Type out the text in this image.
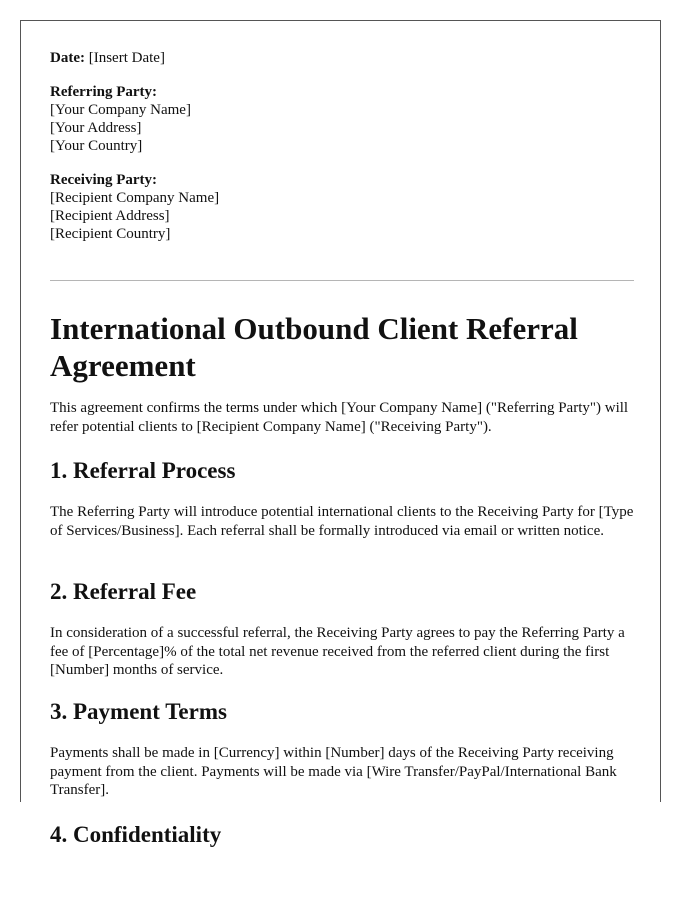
Date: [Insert Date]

Referring Party:

[Your Company Name]

[Your Address]

[Your Country]

Receiving Party:

[Recipient Company Name]

[Recipient Address]

[Recipient Country]

International Outbound Client Referral Agreement

This agreement confirms the terms under which [Your Company Name] ("Referring Party") will refer potential clients to [Recipient Company Name] ("Receiving Party").

1. Referral Process

The Referring Party will introduce potential international clients to the Receiving Party for [Type of Services/Business]. Each referral shall be formally introduced via email or written notice.

2. Referral Fee

In consideration of a successful referral, the Receiving Party agrees to pay the Referring Party a fee of [Percentage]% of the total net revenue received from the referred client during the first [Number] months of service.

3. Payment Terms

Payments shall be made in [Currency] within [Number] days of the Receiving Party receiving payment from the client. Payments will be made via [Wire Transfer/PayPal/International Bank Transfer].

4. Confidentiality
